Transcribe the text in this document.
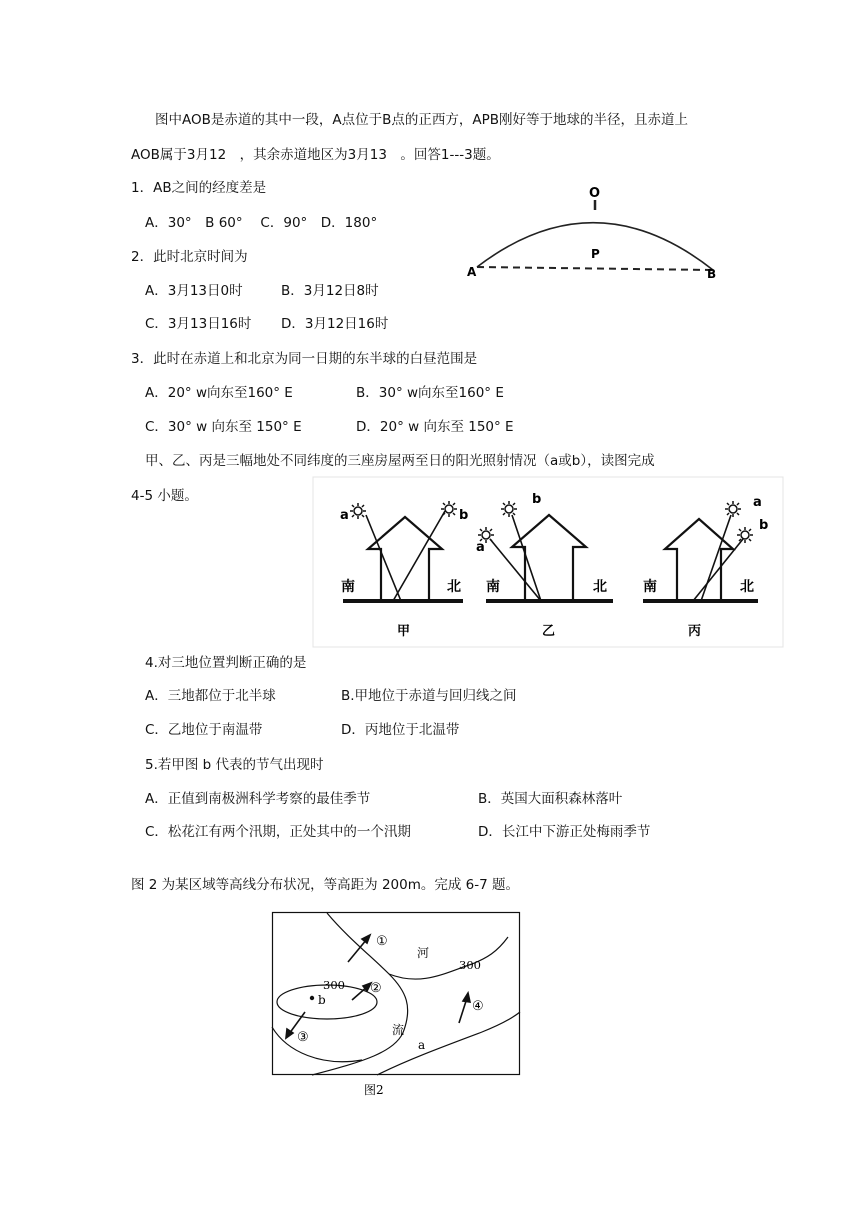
图中AOB是赤道的其中一段，A点位于B点的正西方，APB刚好等于地球的半径，且赤道上
AOB属于3月12　，其余赤道地区为3月13　。回答1---3题。
1．AB之间的经度差是
A．30°　B 60°　 C．90°　D．180°
2．此时北京时间为
A．3月13日0时	B．3月12日8时
C．3月13日16时 D．3月12日16时
O
P
A	B
3．此时在赤道上和北京为同一日期的东半球的白昼范围是
A．20° w向东至160° E	B．30° w向东至160° E
C．30° w 向东至 150° E	D．20° w 向东至 150° E
甲、乙、丙是三幅地处不同纬度的三座房屋两至日的阳光照射情况（a或b），读图完成
4-5 小题。
a	b
南	北
甲
b
a
南	北
乙
a
b
南	北
丙
4.对三地位置判断正确的是
A．三地都位于北半球	B.甲地位于赤道与回归线之间
C．乙地位于南温带	D．丙地位于北温带
5.若甲图 b 代表的节气出现时
A．正值到南极洲科学考察的最佳季节	B．英国大面积森林落叶
C．松花江有两个汛期，正处其中的一个汛期	D．长江中下游正处梅雨季节
图 2 为某区域等高线分布状况，等高距为 200m。完成 6-7 题。
①
②
③
④
300
300
河
流
b
a
图2
